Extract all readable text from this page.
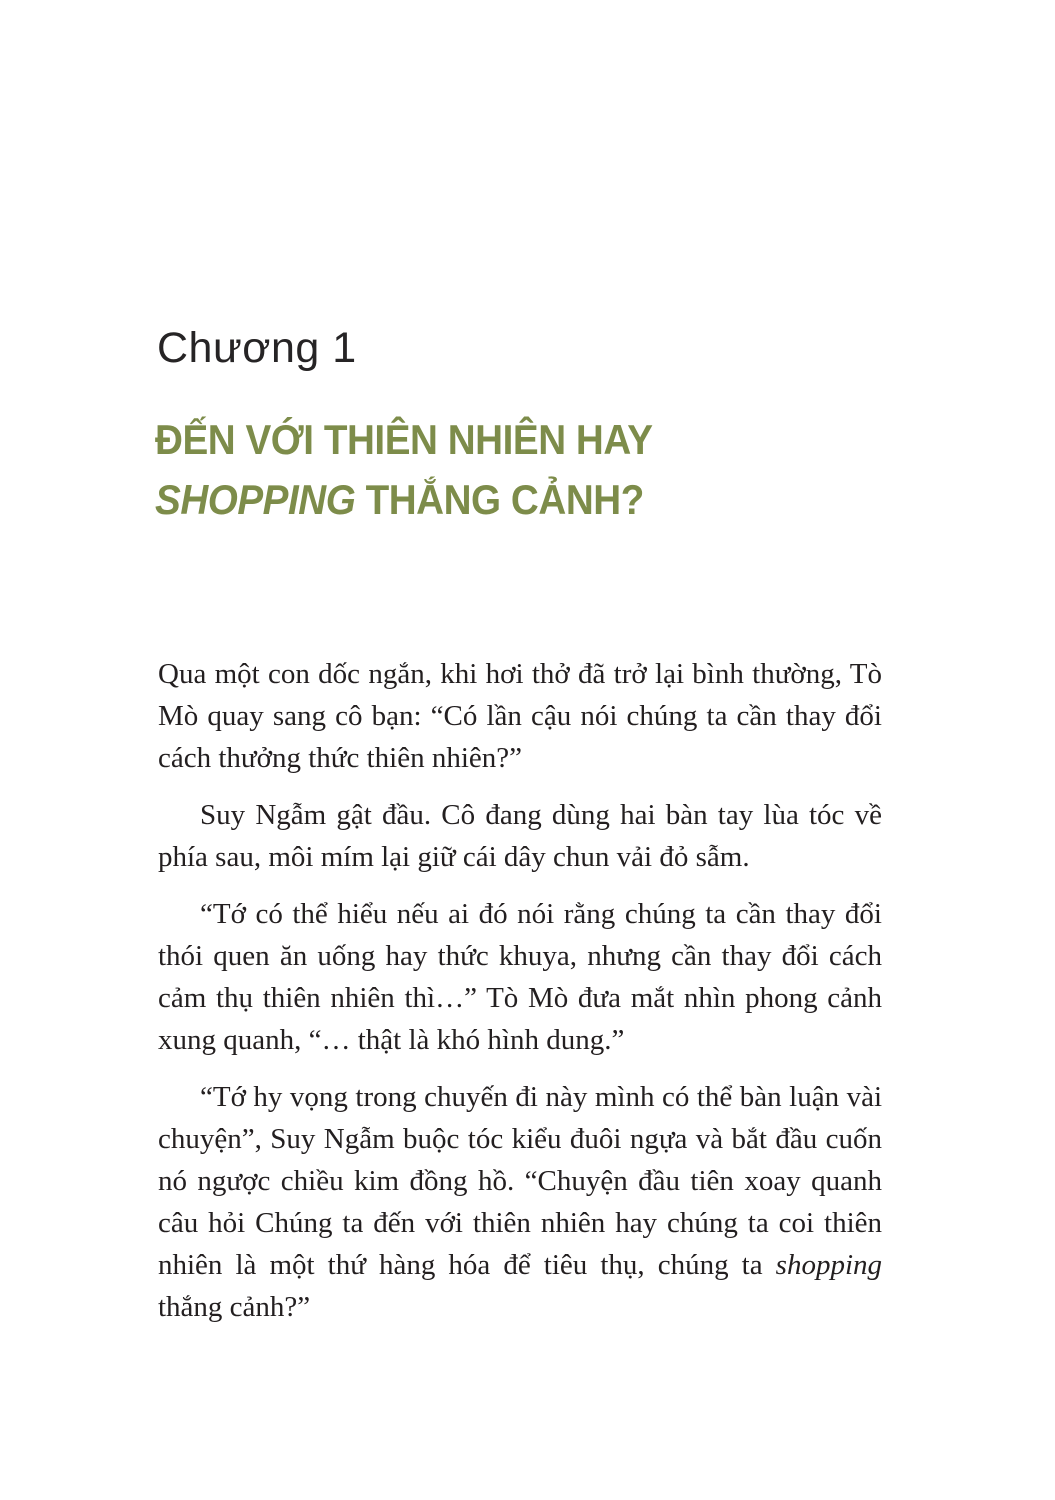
Chương 1
ĐẾN VỚI THIÊN NHIÊN HAY
SHOPPING THẮNG CẢNH?

Qua một con dốc ngắn, khi hơi thở đã trở lại bình thường, Tò Mò quay sang cô bạn: “Có lần cậu nói chúng ta cần thay đổi cách thưởng thức thiên nhiên?”

Suy Ngẫm gật đầu. Cô đang dùng hai bàn tay lùa tóc về phía sau, môi mím lại giữ cái dây chun vải đỏ sẫm.

“Tớ có thể hiểu nếu ai đó nói rằng chúng ta cần thay đổi thói quen ăn uống hay thức khuya, nhưng cần thay đổi cách cảm thụ thiên nhiên thì…” Tò Mò đưa mắt nhìn phong cảnh xung quanh, “… thật là khó hình dung.”

“Tớ hy vọng trong chuyến đi này mình có thể bàn luận vài chuyện”, Suy Ngẫm buộc tóc kiểu đuôi ngựa và bắt đầu cuốn nó ngược chiều kim đồng hồ. “Chuyện đầu tiên xoay quanh câu hỏi Chúng ta đến với thiên nhiên hay chúng ta coi thiên nhiên là một thứ hàng hóa để tiêu thụ, chúng ta shopping thắng cảnh?”
